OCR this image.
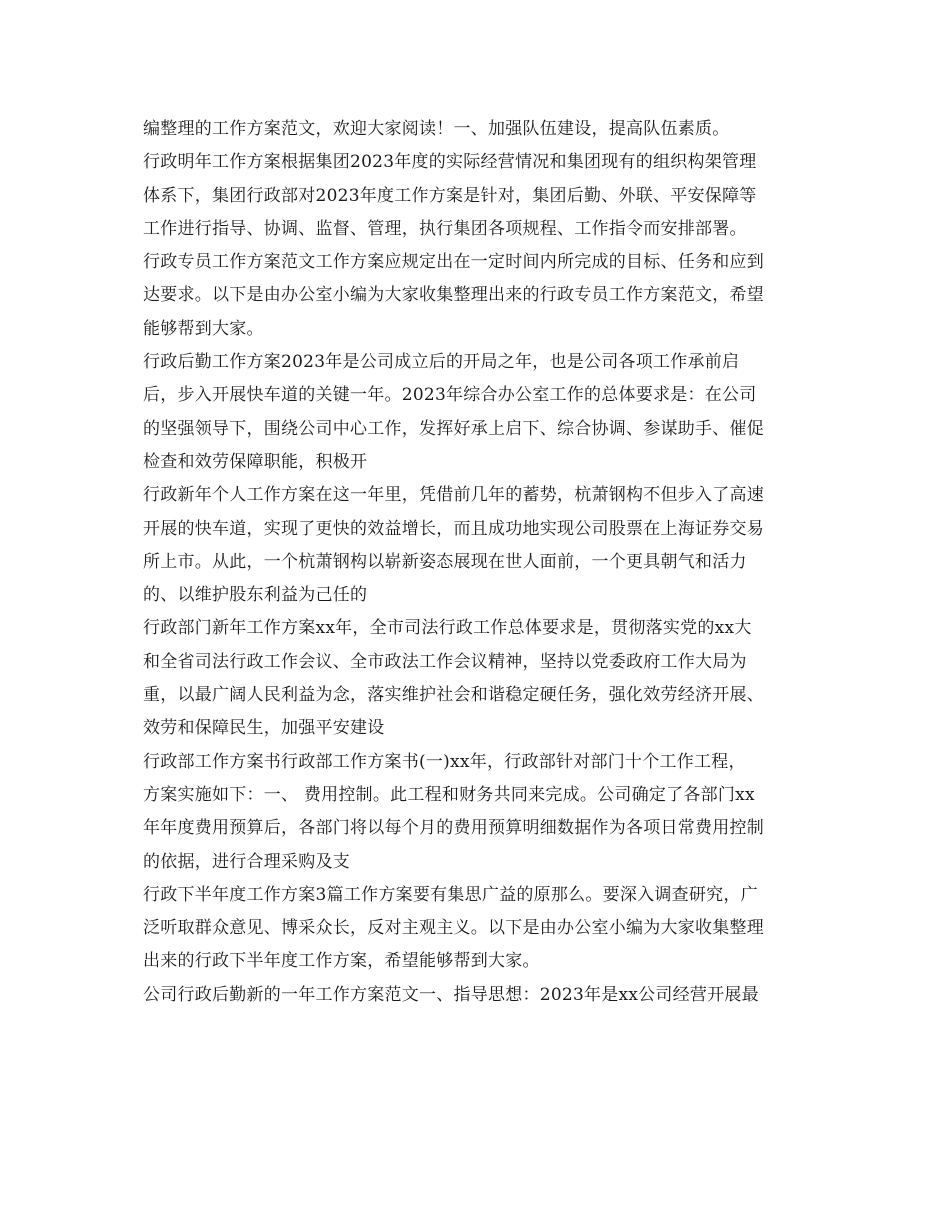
编整理的工作方案范文，欢迎大家阅读！一、加强队伍建设，提高队伍素质。
行政明年工作方案根据集团2023年度的实际经营情况和集团现有的组织构架管理
体系下，集团行政部对2023年度工作方案是针对，集团后勤、外联、平安保障等
工作进行指导、协调、监督、管理，执行集团各项规程、工作指令而安排部署。
行政专员工作方案范文工作方案应规定出在一定时间内所完成的目标、任务和应到
达要求。以下是由办公室小编为大家收集整理出来的行政专员工作方案范文，希望
能够帮到大家。
行政后勤工作方案2023年是公司成立后的开局之年，也是公司各项工作承前启
后，步入开展快车道的关键一年。2023年综合办公室工作的总体要求是：在公司
的坚强领导下，围绕公司中心工作，发挥好承上启下、综合协调、参谋助手、催促
检查和效劳保障职能，积极开
行政新年个人工作方案在这一年里，凭借前几年的蓄势，杭萧钢构不但步入了高速
开展的快车道，实现了更快的效益增长，而且成功地实现公司股票在上海证券交易
所上市。从此，一个杭萧钢构以崭新姿态展现在世人面前，一个更具朝气和活力
的、以维护股东利益为己任的
行政部门新年工作方案xx年，全市司法行政工作总体要求是，贯彻落实党的xx大
和全省司法行政工作会议、全市政法工作会议精神，坚持以党委政府工作大局为
重，以最广阔人民利益为念，落实维护社会和谐稳定硬任务，强化效劳经济开展、
效劳和保障民生，加强平安建设
行政部工作方案书行政部工作方案书(一)xx年，行政部针对部门十个工作工程，
方案实施如下：一、 费用控制。此工程和财务共同来完成。公司确定了各部门xx
年年度费用预算后，各部门将以每个月的费用预算明细数据作为各项日常费用控制
的依据，进行合理采购及支
行政下半年度工作方案3篇工作方案要有集思广益的原那么。要深入调查研究，广
泛听取群众意见、博采众长，反对主观主义。以下是由办公室小编为大家收集整理
出来的行政下半年度工作方案，希望能够帮到大家。
公司行政后勤新的一年工作方案范文一、指导思想：2023年是xx公司经营开展最
